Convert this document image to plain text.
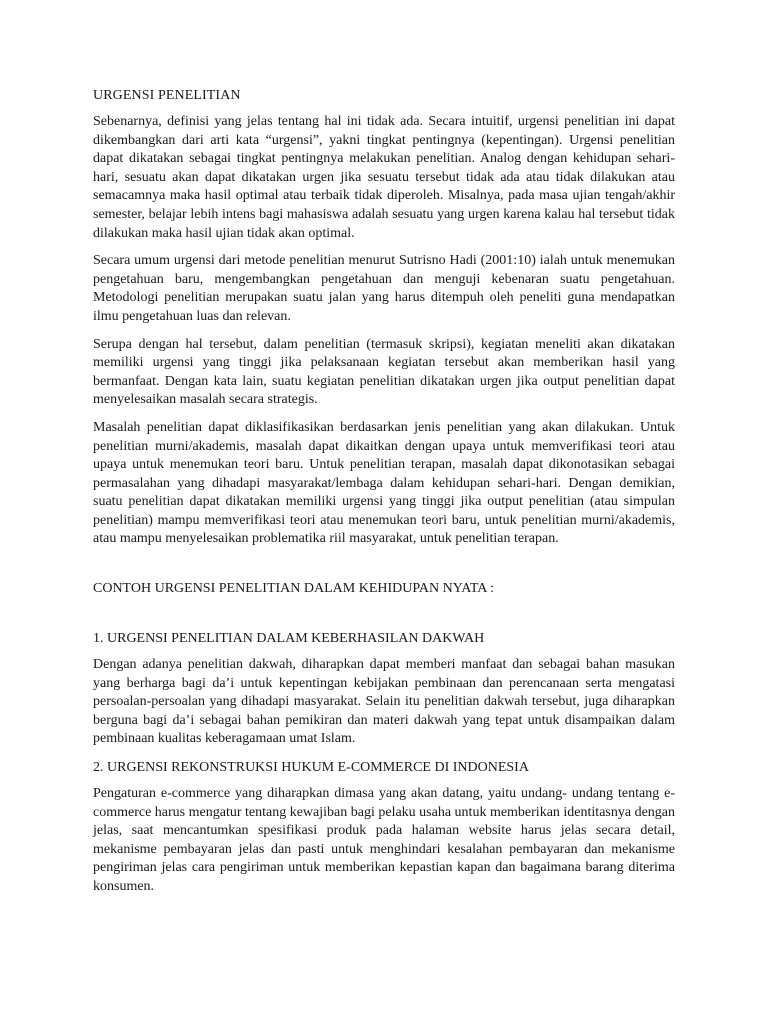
URGENSI PENELITIAN

Sebenarnya, definisi yang jelas tentang hal ini tidak ada. Secara intuitif, urgensi penelitian ini dapat dikembangkan dari arti kata “urgensi”, yakni tingkat pentingnya (kepentingan). Urgensi penelitian dapat dikatakan sebagai tingkat pentingnya melakukan penelitian. Analog dengan kehidupan sehari-hari, sesuatu akan dapat dikatakan urgen jika sesuatu tersebut tidak ada atau tidak dilakukan atau semacamnya maka hasil optimal atau terbaik tidak diperoleh. Misalnya, pada masa ujian tengah/akhir semester, belajar lebih intens bagi mahasiswa adalah sesuatu yang urgen karena kalau hal tersebut tidak dilakukan maka hasil ujian tidak akan optimal.

Secara umum urgensi dari metode penelitian menurut Sutrisno Hadi (2001:10) ialah untuk menemukan pengetahuan baru, mengembangkan pengetahuan dan menguji kebenaran suatu pengetahuan. Metodologi penelitian merupakan suatu jalan yang harus ditempuh oleh peneliti guna mendapatkan ilmu pengetahuan luas dan relevan.

Serupa dengan hal tersebut, dalam penelitian (termasuk skripsi), kegiatan meneliti akan dikatakan memiliki urgensi yang tinggi jika pelaksanaan kegiatan tersebut akan memberikan hasil yang bermanfaat. Dengan kata lain, suatu kegiatan penelitian dikatakan urgen jika output penelitian dapat menyelesaikan masalah secara strategis.

Masalah penelitian dapat diklasifikasikan berdasarkan jenis penelitian yang akan dilakukan. Untuk penelitian murni/akademis, masalah dapat dikaitkan dengan upaya untuk memverifikasi teori atau upaya untuk menemukan teori baru. Untuk penelitian terapan, masalah dapat dikonotasikan sebagai permasalahan yang dihadapi masyarakat/lembaga dalam kehidupan sehari-hari. Dengan demikian, suatu penelitian dapat dikatakan memiliki urgensi yang tinggi jika output penelitian (atau simpulan penelitian) mampu memverifikasi teori atau menemukan teori baru, untuk penelitian murni/akademis, atau mampu menyelesaikan problematika riil masyarakat, untuk penelitian terapan.

CONTOH URGENSI PENELITIAN DALAM KEHIDUPAN NYATA :
1. URGENSI PENELITIAN DALAM KEBERHASILAN DAKWAH

Dengan adanya penelitian dakwah, diharapkan dapat memberi manfaat dan sebagai bahan masukan yang berharga bagi da’i untuk kepentingan kebijakan pembinaan dan perencanaan serta mengatasi persoalan-persoalan yang dihadapi masyarakat. Selain itu penelitian dakwah tersebut, juga diharapkan berguna bagi da’i sebagai bahan pemikiran dan materi dakwah yang tepat untuk disampaikan dalam pembinaan kualitas keberagamaan umat Islam.

2. URGENSI REKONSTRUKSI HUKUM E-COMMERCE DI INDONESIA

Pengaturan e-commerce yang diharapkan dimasa yang akan datang, yaitu undang- undang tentang e-commerce harus mengatur tentang kewajiban bagi pelaku usaha untuk memberikan identitasnya dengan jelas, saat mencantumkan spesifikasi produk pada halaman website harus jelas secara detail, mekanisme pembayaran jelas dan pasti untuk menghindari kesalahan pembayaran dan mekanisme pengiriman jelas cara pengiriman untuk memberikan kepastian kapan dan bagaimana barang diterima konsumen.
